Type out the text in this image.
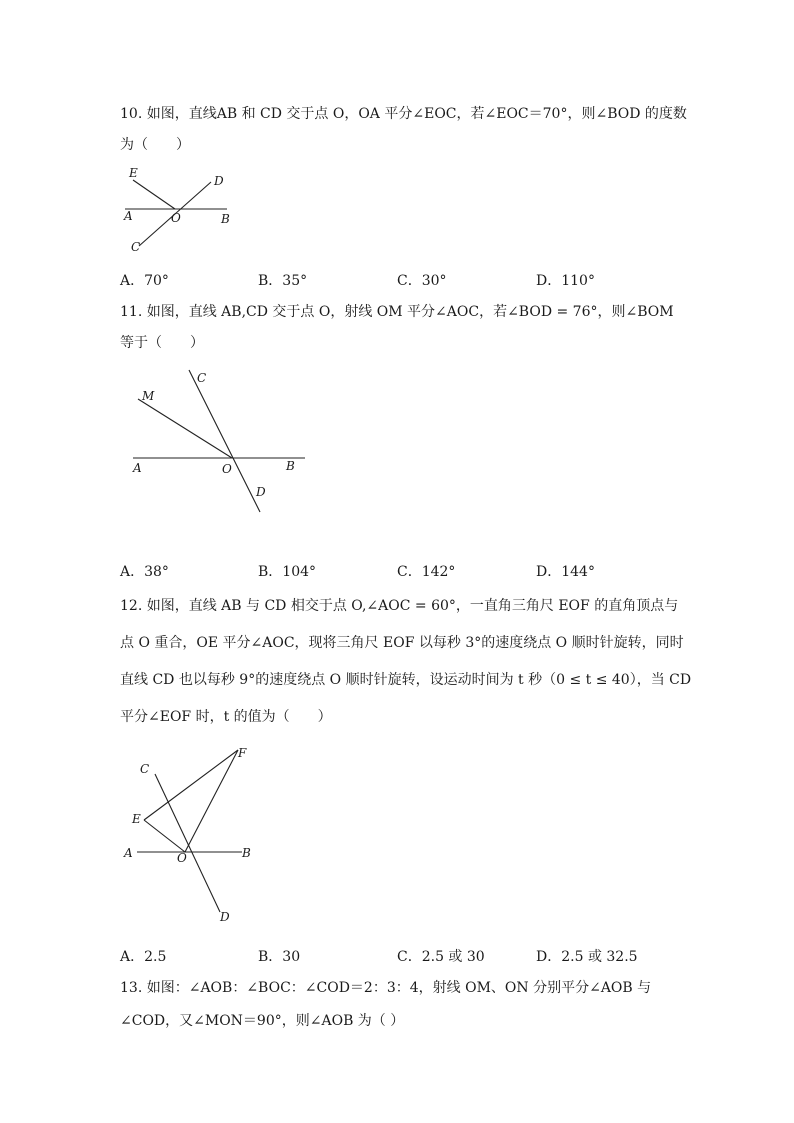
10. 如图，直线AB 和 CD 交于点 O，OA 平分∠EOC，若∠EOC＝70°，则∠BOD 的度数
为（　　）
E
D
A	O	B
C
A．70°	B．35°	C．30°	D．110°
11. 如图，直线 AB,CD 交于点 O，射线 OM 平分∠AOC，若∠BOD = 76°，则∠BOM
等于（　　）
C
M
A	O	B
D
A．38°	B．104°	C．142°	D．144°
12. 如图，直线 AB 与 CD 相交于点 O,∠AOC = 60°，一直角三角尺 EOF 的直角顶点与
点 O 重合，OE 平分∠AOC，现将三角尺 EOF 以每秒 3°的速度绕点 O 顺时针旋转，同时
直线 CD 也以每秒 9°的速度绕点 O 顺时针旋转，设运动时间为 t 秒（0 ≤ t ≤ 40），当 CD
平分∠EOF 时，t 的值为（　　）
F
C
E
A	O	B
D
A．2.5	B．30	C．2.5 或 30	D．2.5 或 32.5
13. 如图：∠AOB：∠BOC：∠COD＝2：3：4，射线 OM、ON 分别平分∠AOB 与
∠COD，又∠MON＝90°，则∠AOB 为（ ）
